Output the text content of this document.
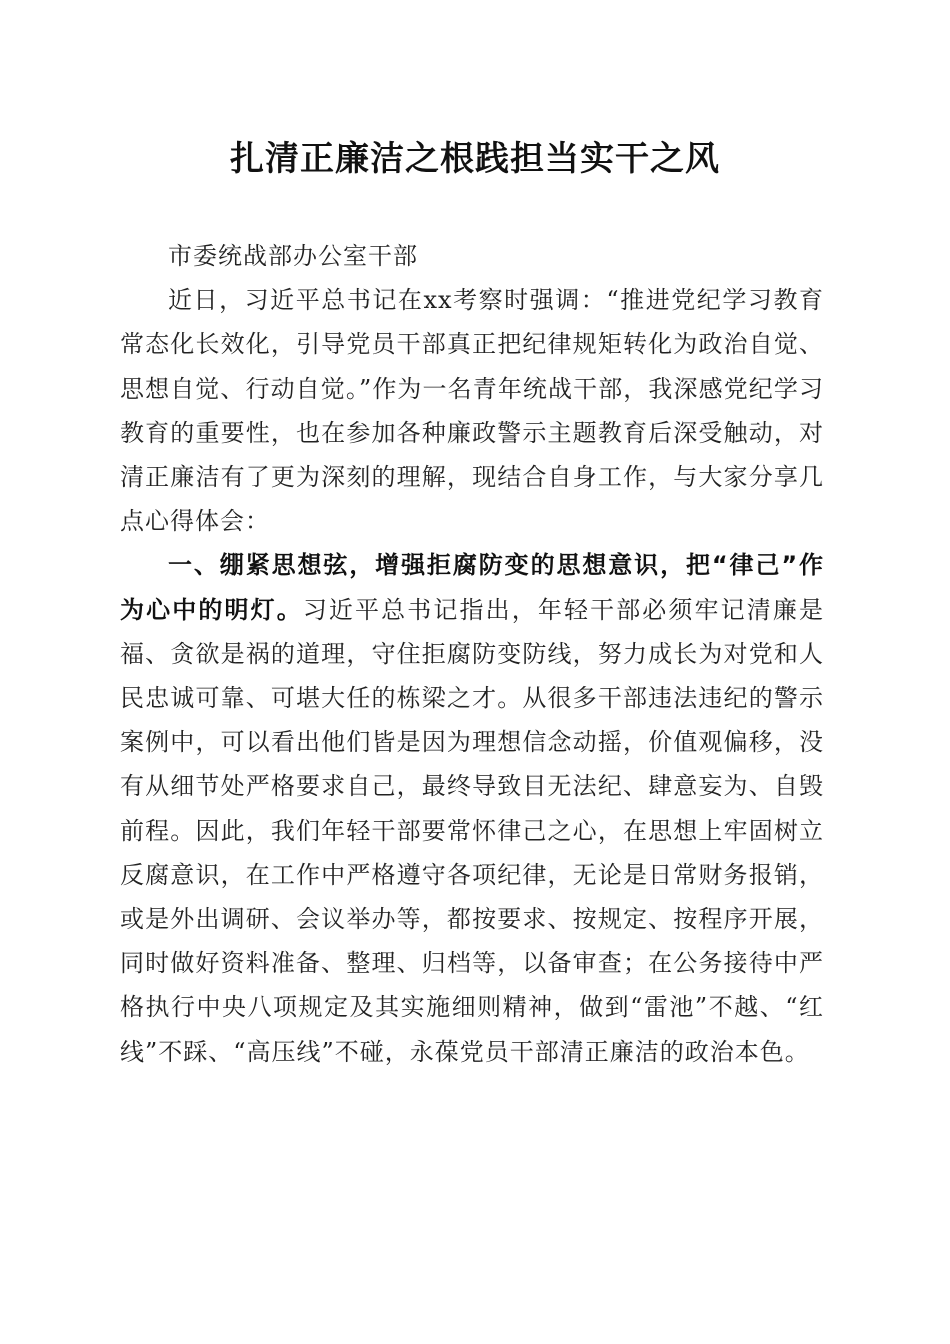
扎清正廉洁之根践担当实干之风

市委统战部办公室干部

近日，习近平总书记在xx考察时强调：“推进党纪学习教育常态化长效化，引导党员干部真正把纪律规矩转化为政治自觉、思想自觉、行动自觉。”作为一名青年统战干部，我深感党纪学习教育的重要性，也在参加各种廉政警示主题教育后深受触动，对清正廉洁有了更为深刻的理解，现结合自身工作，与大家分享几点心得体会：

一、绷紧思想弦，增强拒腐防变的思想意识，把“律己”作为心中的明灯。习近平总书记指出，年轻干部必须牢记清廉是福、贪欲是祸的道理，守住拒腐防变防线，努力成长为对党和人民忠诚可靠、可堪大任的栋梁之才。从很多干部违法违纪的警示案例中，可以看出他们皆是因为理想信念动摇，价值观偏移，没有从细节处严格要求自己，最终导致目无法纪、肆意妄为、自毁前程。因此，我们年轻干部要常怀律己之心，在思想上牢固树立反腐意识，在工作中严格遵守各项纪律，无论是日常财务报销，或是外出调研、会议举办等，都按要求、按规定、按程序开展，同时做好资料准备、整理、归档等，以备审查；在公务接待中严格执行中央八项规定及其实施细则精神，做到“雷池”不越、“红线”不踩、“高压线”不碰，永葆党员干部清正廉洁的政治本色。
